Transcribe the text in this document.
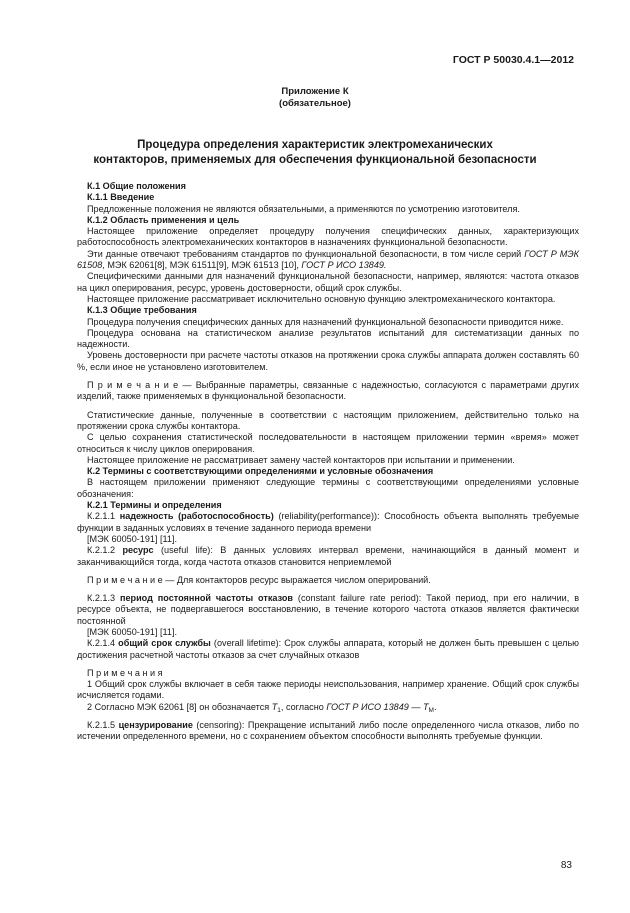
ГОСТ Р 50030.4.1—2012
Приложение К
(обязательное)
Процедура определения характеристик электромеханических
контакторов, применяемых для обеспечения функциональной безопасности

К.1 Общие положения

К.1.1 Введение

Предложенные положения не являются обязательными, а применяются по усмотрению изготовителя.

К.1.2 Область применения и цель

Настоящее приложение определяет процедуру получения специфических данных, характеризующих работоспособность электромеханических контакторов в назначениях функциональной безопасности.

Эти данные отвечают требованиям стандартов по функциональной безопасности, в том числе серий ГОСТ Р МЭК 61508, МЭК 62061[8], МЭК 61511[9], МЭК 61513 [10], ГОСТ Р ИСО 13849.

Специфическими данными для назначений функциональной безопасности, например, являются: частота отказов на цикл оперирования, ресурс, уровень достоверности, общий срок службы.

Настоящее приложение рассматривает исключительно основную функцию электромеханического контактора.

К.1.3 Общие требования

Процедура получения специфических данных для назначений функциональной безопасности приводится ниже.

Процедура основана на статистическом анализе результатов испытаний для систематизации данных по надежности.

Уровень достоверности при расчете частоты отказов на протяжении срока службы аппарата должен составлять 60 %, если иное не установлено изготовителем.

П р и м е ч а н и е — Выбранные параметры, связанные с надежностью, согласуются с параметрами других изделий, также применяемых в функциональной безопасности.

Статистические данные, полученные в соответствии с настоящим приложением, действительно только на протяжении срока службы контактора.

С целью сохранения статистической последовательности в настоящем приложении термин «время» может относиться к числу циклов оперирования.

Настоящее приложение не рассматривает замену частей контакторов при испытании и применении.

К.2 Термины с соответствующими определениями и условные обозначения

В настоящем приложении применяют следующие термины с соответствующими определениями условные обозначения:

К.2.1 Термины и определения

К.2.1.1 надежность (работоспособность) (reliability(performance)): Способность объекта выполнять требуемые функции в заданных условиях в течение заданного периода времени

[МЭК 60050-191] [11].

К.2.1.2 ресурс (useful life): В данных условиях интервал времени, начинающийся в данный момент и заканчивающийся тогда, когда частота отказов становится неприемлемой

П р и м е ч а н и е — Для контакторов ресурс выражается числом оперирований.

К.2.1.3 период постоянной частоты отказов (constant failure rate period): Такой период, при его наличии, в ресурсе объекта, не подвергавшегося восстановлению, в течение которого частота отказов является фактически постоянной

[МЭК 60050-191] [11].

К.2.1.4 общий срок службы (overall lifetime): Срок службы аппарата, который не должен быть превышен с целью достижения расчетной частоты отказов за счет случайных отказов

П р и м е ч а н и я

1 Общий срок службы включает в себя также периоды неиспользования, например хранение. Общий срок службы исчисляется годами.

2 Согласно МЭК 62061 [8] он обозначается $T_1$, согласно ГОСТ Р ИСО 13849 — $T_M$.

К.2.1.5 цензурирование (censoring): Прекращение испытаний либо после определенного числа отказов, либо по истечении определенного времени, но с сохранением объектом способности выполнять требуемые функции.

83
